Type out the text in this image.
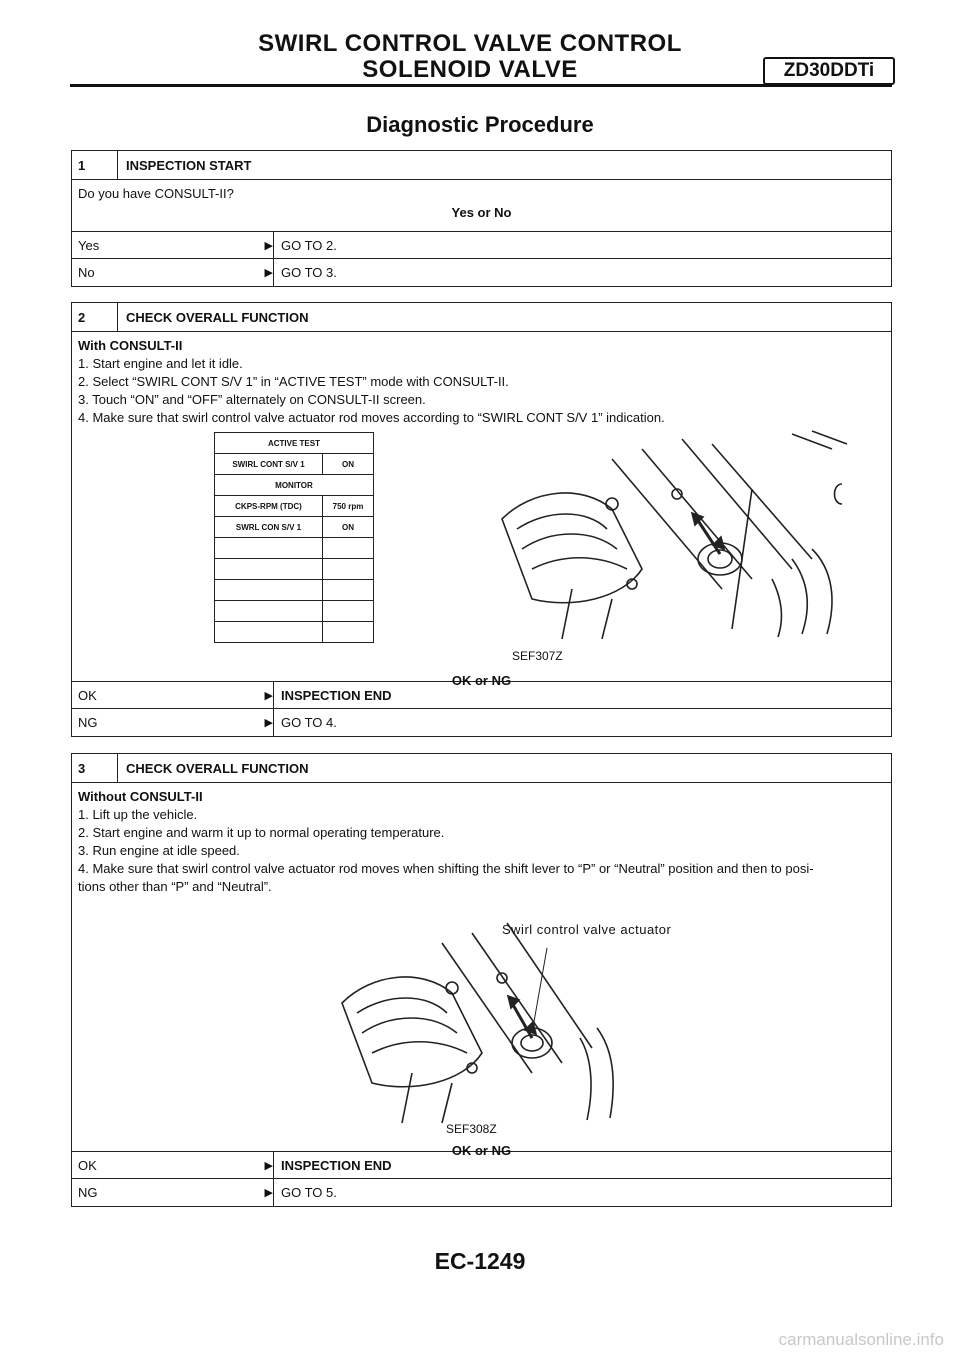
SWIRL CONTROL VALVE CONTROL
SOLENOID VALVE	ZD30DDTi
Diagnostic Procedure
1	INSPECTION START
Do you have CONSULT-II?
Yes or No
Yes	▶ GO TO 2.
No	▶ GO TO 3.
2	CHECK OVERALL FUNCTION
With CONSULT-II
1. Start engine and let it idle.
2. Select “SWIRL CONT S/V 1” in “ACTIVE TEST” mode with CONSULT-II.
3. Touch “ON” and “OFF” alternately on CONSULT-II screen.
4. Make sure that swirl control valve actuator rod moves according to “SWIRL CONT S/V 1” indication.
ACTIVE TEST
SWIRL CONT S/V 1	ON
MONITOR
CKPS-RPM (TDC)	750 rpm
SWRL CON S/V 1	ON
SEF307Z
OK or NG
OK	▶ INSPECTION END
NG	▶ GO TO 4.
3	CHECK OVERALL FUNCTION
Without CONSULT-II
1. Lift up the vehicle.
2. Start engine and warm it up to normal operating temperature.
3. Run engine at idle speed.
4. Make sure that swirl control valve actuator rod moves when shifting the shift lever to “P” or “Neutral” position and then to posi-
tions other than “P” and “Neutral”.
Swirl control valve actuator
SEF308Z
OK or NG
OK	▶ INSPECTION END
NG	▶ GO TO 5.
EC-1249
carmanualsonline.info
